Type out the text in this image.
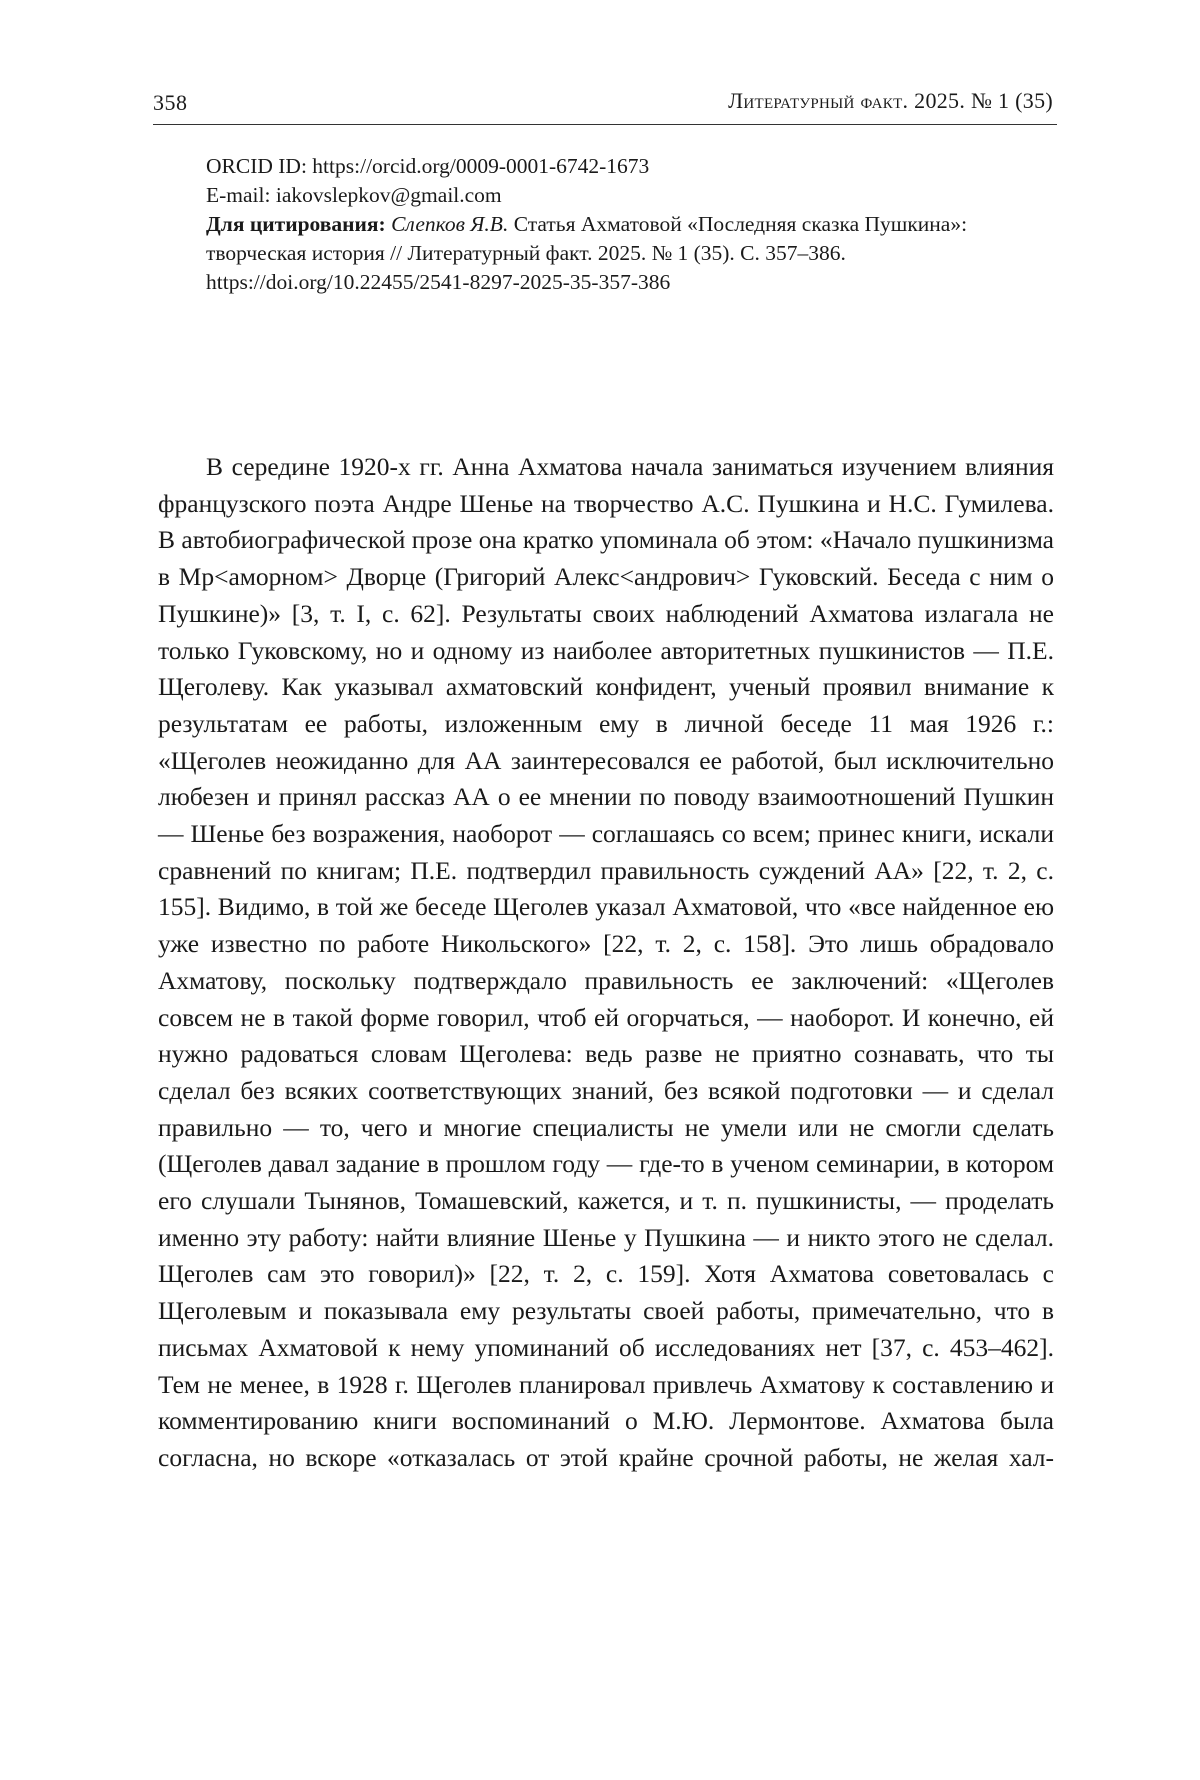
358	Литературный факт. 2025. № 1 (35)

ORCID ID: https://orcid.org/0009-0001-6742-1673

E-mail: iakovslepkov@gmail.com

Для цитирования: Слепков Я.В. Статья Ахматовой «Последняя сказка Пушкина»: творческая история // Литературный факт. 2025. № 1 (35). С. 357–386. https://doi.org/10.22455/2541-8297-2025-35-357-386

В середине 1920-х гг. Анна Ахматова начала заниматься изучением влияния французского поэта Андре Шенье на творчество А.С. Пушкина и Н.С. Гумилева. В автобиографической прозе она кратко упоминала об этом: «Начало пушкинизма в Мр<аморном> Дворце (Григорий Алекс<андрович> Гуковский. Беседа с ним о Пушкине)» [3, т. I, с. 62]. Результаты своих наблюдений Ахматова излагала не только Гуковскому, но и одному из наиболее авторитетных пушкинистов — П.Е. Щеголеву. Как указывал ахматовский конфидент, ученый проявил внимание к результатам ее работы, изложенным ему в личной беседе 11 мая 1926 г.: «Щеголев неожиданно для АА заинтересовался ее работой, был исключительно любезен и принял рассказ АА о ее мнении по поводу взаимоотношений Пушкин — Шенье без возражения, наоборот — соглашаясь со всем; принес книги, искали сравнений по книгам; П.Е. подтвердил правильность суждений АА» [22, т. 2, с. 155]. Видимо, в той же беседе Щеголев указал Ахматовой, что «все найденное ею уже известно по работе Никольского» [22, т. 2, с. 158]. Это лишь обрадовало Ахматову, поскольку подтверждало правильность ее заключений: «Щеголев совсем не в такой форме говорил, чтоб ей огорчаться, — наоборот. И конечно, ей нужно радоваться словам Щеголева: ведь разве не приятно сознавать, что ты сделал без всяких соответствующих знаний, без всякой подготовки — и сделал правильно — то, чего и многие специалисты не умели или не смогли сделать (Щеголев давал задание в прошлом году — где-то в ученом семинарии, в котором его слушали Тынянов, Томашевский, кажется, и т. п. пушкинисты, — проделать именно эту работу: найти влияние Шенье у Пушкина — и никто этого не сделал. Щеголев сам это говорил)» [22, т. 2, с. 159]. Хотя Ахматова советовалась с Щеголевым и показывала ему результаты своей работы, примечательно, что в письмах Ахматовой к нему упоминаний об исследованиях нет [37, с. 453–462]. Тем не менее, в 1928 г. Щеголев планировал привлечь Ахматову к составлению и комментированию книги воспоминаний о М.Ю. Лермонтове. Ахматова была согласна, но вскоре «отказалась от этой крайне срочной работы, не желая хал-
